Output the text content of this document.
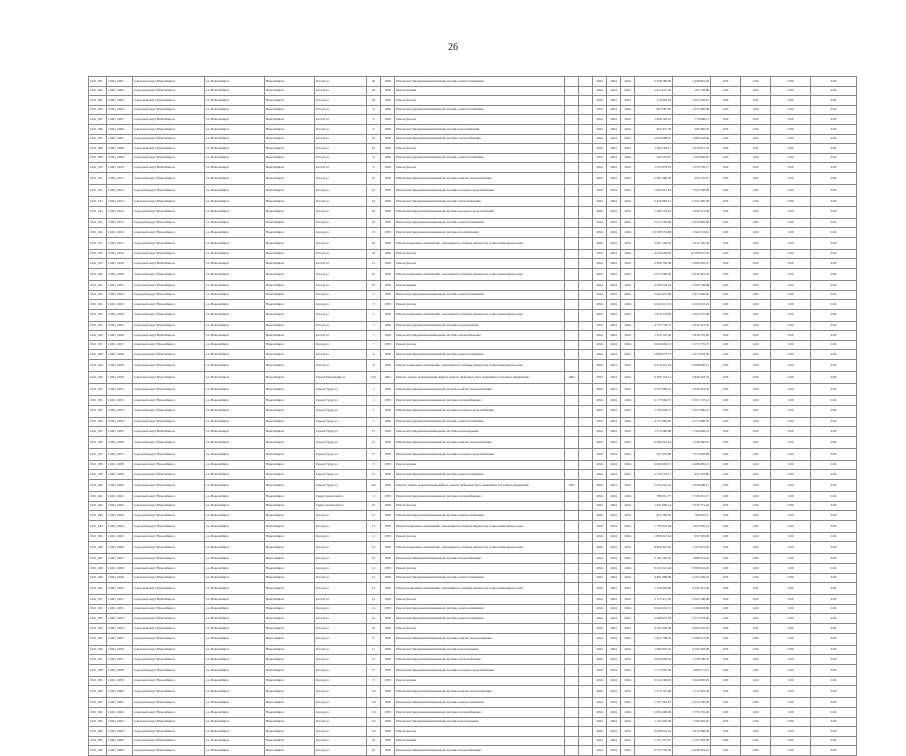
26
1021_001	11061_0001	городской округ Новосибирск	г.о. Новосибирск	Новосибирск	Гоголя ул	26	1958	Ремонт внутридомовой инженерной системы электроснабжения			2024	2024	2024	2 538 786,09	1 458 801,20	0,00	0,00	0,00	0,00
1021_002	11061_0002	городской округ Новосибирск	г.о. Новосибирск	Новосибирск	Гоголя ул	26	1958	Ремонт крыши			2024	2024	2024	1 617 637,26	105 756,96	0,00	0,00	0,00	0,00
1021_003	11061_0003	городской округ Новосибирск	г.о. Новосибирск	Новосибирск	Гоголя ул	26	1958	Ремонт фасада			2024	2024	2024	776 863,54	1 255 358,07	0,00	0,00	0,00	0,00
1021_004	11061_0004	городской округ Новосибирск	г.о. Новосибирск	Новосибирск	Гоголя ул	9	1958	Ремонт внутридомовой инженерной системы электроснабжения			2024	2024	2024	867 087,65	1 437 682,06	0,00	0,00	0,00	0,00
1021_005	11061_0005	городской округ Новосибирск	г.о. Новосибирск	Новосибирск	Гоголя ул	9	1958	Ремонт фасада			2024	2024	2024	1 608 105,61	776 968,11	0,00	0,00	0,00	0,00
1021_006	11061_0006	городской округ Новосибирск	г.о. Новосибирск	Новосибирск	Гоголя ул	9	1958	Ремонт внутридомовой инженерной системы водоснабжения			2024	2024	2024	603 472,79	582 087,35	0,00	0,00	0,00	0,00
1021_007	11061_0007	городской округ Новосибирск	г.о. Новосибирск	Новосибирск	Гоголя ул	10	1958	Ремонт внутридомовой инженерной системы теплоснабжения			2024	2024	2024	1 654 808,67	1 488 143,49	0,00	0,00	0,00	0,00
1021_008	11061_0008	городской округ Новосибирск	г.о. Новосибирск	Новосибирск	Гоголя ул	12	1958	Ремонт фасада			2024	2024	2024	1 594 783,11	1 433 871,74	0,00	0,00	0,00	0,00
1021_009	11061_0009	городской округ Новосибирск	г.о. Новосибирск	Новосибирск	Гоголя ул	9	1958	Ремонт внутридомовой инженерной системы электроснабжения			2024	2024	2024	563 576,67	1 166 069,67	0,00	0,00	0,00	0,00
1021_010	11061_0010	городской округ Новосибирск	г.о. Новосибирск	Новосибирск	Гоголя ул	9	1958	Ремонт фасада			2024	2024	2024	1 553 978,19	1 553 783,17	0,00	0,00	0,00	0,00
1021_011	11061_0011	городской округ Новосибирск	г.о. Новосибирск	Новосибирск	Гоголя ул	15	1958	Ремонт внутридомовой инженерной системы горячего водоснабжения			2024	2024	2024	2 085 580,35	345 276,67	0,00	0,00	0,00	0,00
1021_012	11061_0012	городской округ Новосибирск	г.о. Новосибирск	Новосибирск	Гоголя ул	15	1958	Ремонт внутридомовой инженерной системы холодного водоснабжения			2024	2024	2024	1 964 212,63	1 531 638,28	0,00	0,00	0,00	0,00
1021_013	11061_0013	городской округ Новосибирск	г.о. Новосибирск	Новосибирск	Гоголя ул	19	1958	Ремонт внутридомовой инженерной системы теплоснабжения			2024	2024	2024	2 426 965,51	2 503 285,58	0,00	0,00	0,00	0,00
1021_014	11061_0014	городской округ Новосибирск	г.о. Новосибирск	Новосибирск	Гоголя ул	19	1958	Ремонт внутридомовой инженерной системы холодного водоснабжения			2024	2024	2024	1 364 733,61	1 964 213,09	0,00	0,00	0,00	0,00
1021_015	11061_0015	городской округ Новосибирск	г.о. Новосибирск	Новосибирск	Гоголя ул	19	1958	Ремонт внутридомовой инженерной системы электроснабжения			2024	2024	2024	5 615 165,49	6 436 085,85	0,00	0,00	0,00	0,00
1021_016	11061_0016	городской округ Новосибирск	г.о. Новосибирск	Новосибирск	Гоголя ул	19	1958	Ремонт внутридомовой инженерной системы газоснабжения			2024	2024	2024	10 308 153,80	1 364 733,61	0,00	0,00	0,00	0,00
1021_017	11061_0017	городской округ Новосибирск	г.о. Новосибирск	Новосибирск	Гоголя ул	19	1958	Ремонт подвальных помещений, относящихся к общему имуществу в многоквартирном доме			2024	2024	2024	2 601 194,55	5 614 165,49	0,00	0,00	0,00	0,00
1021_018	11061_0018	городской округ Новосибирск	г.о. Новосибирск	Новосибирск	Гоголя ул	19	1958	Ремонт фасада			2024	2024	2024	4 226 629,65	10 308 257,07	0,00	0,00	0,00	0,00
1021_019	11061_0019	городской округ Новосибирск	г.о. Новосибирск	Новосибирск	Гоголя ул	21	1958	Ремонт фасада			2024	2024	2024	2 306 759,38	2 609 476,57	0,00	0,00	0,00	0,00
1021_020	11061_0020	городской округ Новосибирск	г.о. Новосибирск	Новосибирск	Гоголя ул	21	1958	Ремонт подвальных помещений, относящихся к общему имуществу в многоквартирном доме			2024	2024	2024	2 675 200,65	4 226 425,45	0,00	0,00	0,00	0,00
1021_021	11061_0021	городской округ Новосибирск	г.о. Новосибирск	Новосибирск	Гоголя ул	23	1958	Ремонт крыши			2024	2024	2024	4 599 218,29	2 306 758,08	0,00	0,00	0,00	0,00
1021_022	11061_0022	городской округ Новосибирск	г.о. Новосибирск	Новосибирск	Гоголя ул	5	1958	Ремонт внутридомовой инженерной системы электроснабжения			2024	2024	2024	2 624 475,99	2 473 200,65	0,00	0,00	0,00	0,00
1021_023	11061_0023	городской округ Новосибирск	г.о. Новосибирск	Новосибирск	Гоголя ул	5	1958	Ремонт фасада			2024	2024	2024	4 443 313,35	4 559 218,24	0,00	0,00	0,00	0,00
1021_024	11061_0024	городской округ Новосибирск	г.о. Новосибирск	Новосибирск	Гоголя ул	5	1958	Ремонт подвальных помещений, относящихся к общему имуществу в многоквартирном доме			2024	2024	2024	1 819 576,82	2 623 475,98	0,00	0,00	0,00	0,00
1021_025	11061_0025	городской округ Новосибирск	г.о. Новосибирск	Новосибирск	Гоголя ул	7	1958	Ремонт внутридомовой инженерной системы водоотведения			2024	2024	2024	4 775 776,75	4 943 313,36	0,00	0,00	0,00	0,00
1021_026	11061_0026	городской округ Новосибирск	г.о. Новосибирск	Новосибирск	Гоголя ул	7	1958	Ремонт внутридомовой инженерной системы теплоснабжения			2024	2024	2024	1 235 123,36	1 819 576,82	0,00	0,00	0,00	0,00
1021_027	11061_0027	городской округ Новосибирск	г.о. Новосибирск	Новосибирск	Гоголя ул	7	1958	Ремонт фасада			2024	2024	2024	6 606 650,13	3 175 776,75	0,00	0,00	0,00	0,00
1021_028	11061_0028	городской округ Новосибирск	г.о. Новосибирск	Новосибирск	Гоголя ул	9	1958	Ремонт внутридомовой инженерной системы электроснабжения			2024	2024	2024	2 899 075,73	2 275 823,36	0,00	0,00	0,00	0,00
1021_029	11061_0029	городской округ Новосибирск	г.о. Новосибирск	Новосибирск	Гоголя ул	9	1958	Ремонт подвальных помещений, относящихся к общему имуществу в многоквартирном доме			2024	2024	2024	2 419 414,34	6 098 850,13	0,00	0,00	0,00	0,00
1021_030	11061_0030	городской округ Новосибирск	г.о. Новосибирск	Новосибирск	Героев Революции ул	12/1	1962	Ремонт, замена, модернизация лифтов, ремонт лифтовых шахт, машинных и блочных помещений	1962		2024	2024	2024	6 300 123,12	2 849 434,33	0,00	0,00	0,00	0,00
1021_031	11061_0031	городской округ Новосибирск	г.о. Новосибирск	Новосибирск	Героев Труда ул	1	1958	Ремонт внутридомовой инженерной системы горячего водоснабжения			2024	2024	2024	3 357 899,41	2 629 414,34	0,00	0,00	0,00	0,00
1021_032	11061_0032	городской округ Новосибирск	г.о. Новосибирск	Новосибирск	Героев Труда ул	1	1958	Ремонт внутридомовой инженерной системы теплоснабжения			2024	2024	2024	4 177 966,75	6 307 137,12	0,00	0,00	0,00	0,00
1021_033	11061_0033	городской округ Новосибирск	г.о. Новосибирск	Новосибирск	Героев Труда ул	1	1958	Ремонт внутридомовой инженерной системы холодного водоснабжения			2024	2024	2024	1 766 649,72	3 357 800,41	0,00	0,00	0,00	0,00
1021_034	11061_0034	городской округ Новосибирск	г.о. Новосибирск	Новосибирск	Героев Труда ул	1	1958	Ремонт внутридомовой инженерной системы электроснабжения			2024	2024	2024	4 177 905,95	4 177 966,76	0,00	0,00	0,00	0,00
1021_035	11061_0035	городской округ Новосибирск	г.о. Новосибирск	Новосибирск	Героев Труда ул	17	1958	Ремонт внутридомовой инженерной системы водоотведения			2024	2024	2024	1 572 686,68	1 766 649,72	0,00	0,00	0,00	0,00
1021_036	11061_0036	городской округ Новосибирск	г.о. Новосибирск	Новосибирск	Героев Труда ул	17	1958	Ремонт внутридомовой инженерной системы горячего водоснабжения			2024	2024	2024	8 468 361,14	1 149 360,97	0,00	0,00	0,00	0,00
1021_037	11061_0037	городской округ Новосибирск	г.о. Новосибирск	Новосибирск	Героев Труда ул	17	1958	Ремонт внутридомовой инженерной системы холодного водоснабжения			2024	2024	2024	951 976,86	1 572 683,99	0,00	0,00	0,00	0,00
1021_038	11061_0038	городской округ Новосибирск	г.о. Новосибирск	Новосибирск	Героев Труда ул	17	1958	Ремонт крыши			2024	2024	2024	4 499 993,71	4 498 285,15	0,00	0,00	0,00	0,00
1021_039	11061_0039	городской округ Новосибирск	г.о. Новосибирск	Новосибирск	Героев Труда ул	17	1958	Ремонт внутридомовой инженерной системы электроснабжения			2024	2024	2024	5 730 155,17	951 976,86	0,00	0,00	0,00	0,00
1021_040	11061_0040	городской округ Новосибирск	г.о. Новосибирск	Новосибирск	Героев Труда ул	22а	1958	Ремонт, замена, модернизация лифтов, ремонт лифтовых шахт, машинных и блочных помещений	1957		2024	2024	2024	7 232 522,42	4 249 098,21	0,00	0,00	0,00	0,00
1021_041	11061_0041	городской округ Новосибирск	г.о. Новосибирск	Новосибирск	Гидростроителей ул	6	1958	Ремонт внутридомовой инженерной системы теплоснабжения			2024	2024	2024	788 031,77	5 768 251,17	0,00	0,00	0,00	0,00
1021_042	11061_0042	городской округ Новосибирск	г.о. Новосибирск	Новосибирск	Гидростроителей ул	10	1958	Ремонт фасада			2024	2024	2024	1 847 005,14	7 232 771,42	0,00	0,00	0,00	0,00
1021_043	11061_0043	городской округ Новосибирск	г.о. Новосибирск	Новосибирск	Гоголя ул	11	1958	Ремонт внутридомовой инженерной системы электроснабжения			2024	2024	2024	951 583,03	786 025,27	0,00	0,00	0,00	0,00
1021_044	11061_0044	городской округ Новосибирск	г.о. Новосибирск	Новосибирск	Гоголя ул	11	1958	Ремонт подвальных помещений, относящихся к общему имуществу в многоквартирном доме			2024	2024	2024	1 793 014,59	1 947 005,14	0,00	0,00	0,00	0,00
1021_045	11061_0045	городской округ Новосибирск	г.о. Новосибирск	Новосибирск	Гоголя ул	11	1958	Ремонт фасада			2024	2024	2024	1 898 223,62	951 583,08	0,00	0,00	0,00	0,00
1021_046	11061_0046	городской округ Новосибирск	г.о. Новосибирск	Новосибирск	Гоголя ул	12	1958	Ремонт подвальных помещений, относящихся к общему имуществу в многоквартирном доме			2024	2024	2024	8 869 310,65	1 793 014,29	0,00	0,00	0,00	0,00
1021_047	11061_0047	городской округ Новосибирск	г.о. Новосибирск	Новосибирск	Гоголя ул	12	1958	Ремонт внутридомовой инженерной системы теплоснабжения			2024	2024	2024	3 102 320,25	1 888 223,62	0,00	0,00	0,00	0,00
1021_048	11061_0048	городской округ Новосибирск	г.о. Новосибирск	Новосибирск	Гоголя ул	12	1958	Ремонт фасада			2024	2024	2024	8 102 321,46	8 389 310,65	0,00	0,00	0,00	0,00
1021_049	11061_0049	городской округ Новосибирск	г.о. Новосибирск	Новосибирск	Гоголя ул	14	1958	Ремонт внутридомовой инженерной системы электроснабжения			2024	2024	2024	4 891 998,69	3 102 320,25	0,00	0,00	0,00	0,00
1021_050	11061_0050	городской округ Новосибирск	г.о. Новосибирск	Новосибирск	Гоголя ул	14	1958	Ремонт подвальных помещений, относящихся к общему имуществу в многоквартирном доме			2024	2024	2024	1 109 018,86	8 102 321,46	0,00	0,00	0,00	0,00
1021_051	11061_0051	городской округ Новосибирск	г.о. Новосибирск	Новосибирск	Гоголя ул	14	1958	Ремонт фасада			2024	2024	2024	3 173 471,50	4 593 198,98	0,00	0,00	0,00	0,00
1021_052	11061_0052	городской округ Новосибирск	г.о. Новосибирск	Новосибирск	Гоголя ул	14	1958	Ремонт внутридомовой инженерной системы электроснабжения			2024	2024	2024	9 649 232,15	1 169 018,86	0,00	0,00	0,00	0,00
1021_053	11061_0053	городской округ Новосибирск	г.о. Новосибирск	Новосибирск	Гоголя ул	15	1958	Ремонт внутридомовой инженерной системы электроснабжения			2024	2024	2024	3 088 472,03	3 173 474,30	0,00	0,00	0,00	0,00
1021_054	11061_0054	городской округ Новосибирск	г.о. Новосибирск	Новосибирск	Гоголя ул	16	1958	Ремонт фасада			2024	2024	2024	6 192 403,38	9 460 232,16	0,00	0,00	0,00	0,00
1021_055	11061_0055	городской округ Новосибирск	г.о. Новосибирск	Новосибирск	Гоголя ул	17	1958	Ремонт внутридомовой инженерной системы горячего водоснабжения			2024	2024	2024	1 251 798,33	3 086 473,03	0,00	0,00	0,00	0,00
1021_056	11061_0056	городской округ Новосибирск	г.о. Новосибирск	Новосибирск	Гоголя ул	17	1958	Ремонт внутридомовой инженерной системы водоотведения			2024	2024	2024	1 684 970,16	6 192 403,38	0,00	0,00	0,00	0,00
1021_057	11061_0057	городской округ Новосибирск	г.о. Новосибирск	Новосибирск	Гоголя ул	17	1958	Ремонт внутридомовой инженерной системы теплоснабжения			2024	2024	2024	5 629 958,29	1 758 798,33	0,00	0,00	0,00	0,00
1021_058	11061_0058	городской округ Новосибирск	г.о. Новосибирск	Новосибирск	Гоголя ул	17	1958	Ремонт внутридомовой инженерной системы холодного водоснабжения			2024	2024	2024	1 713 416,56	1 680 571,15	0,00	0,00	0,00	0,00
1021_059	11061_0059	городской округ Новосибирск	г.о. Новосибирск	Новосибирск	Гоголя ул	17	1958	Ремонт крыши			2024	2024	2024	6 324 199,93	5 629 958,29	0,00	0,00	0,00	0,00
1021_060	11061_0060	городской округ Новосибирск	г.о. Новосибирск	Новосибирск	Гоголя ул	17а	1958	Ремонт внутридомовой инженерной системы горячего водоснабжения			2024	2024	2024	1 776 155,00	1 713 416,56	0,00	0,00	0,00	0,00
1021_061	11061_0061	городской округ Новосибирск	г.о. Новосибирск	Новосибирск	Гоголя ул	17а	1958	Ремонт внутридомовой инженерной системы электроснабжения			2024	2024	2024	1 703 322,67	6 324 109,93	0,00	0,00	0,00	0,00
1021_062	11061_0062	городской округ Новосибирск	г.о. Новосибирск	Новосибирск	Гоголя ул	17а	1958	Ремонт внутридомовой инженерной системы теплоснабжения			2024	2024	2024	5 874 468,06	1 776 155,00	0,00	0,00	0,00	0,00
1021_063	11061_0063	городской округ Новосибирск	г.о. Новосибирск	Новосибирск	Гоголя ул	17а	1958	Ремонт внутридомовой инженерной системы водоотведения			2024	2024	2024	1 167 903,39	1 709 322,67	0,00	0,00	0,00	0,00
1021_064	11061_0064	городской округ Новосибирск	г.о. Новосибирск	Новосибирск	Гоголя ул	17а	1958	Ремонт фасада			2024	2024	2024	6 938 919,16	5 874 468,06	0,00	0,00	0,00	0,00
1021_065	11061_0065	городской округ Новосибирск	г.о. Новосибирск	Новосибирск	Гоголя ул	19	1958	Ремонт крыши			2024	2024	2024	1 127 157,01	1 167 903,39	0,00	0,00	0,00	0,00
1021_066	11061_0066	городской округ Новосибирск	г.о. Новосибирск	Новосибирск	Гоголя ул	19	1958	Ремонт внутридомовой инженерной системы теплоснабжения			2024	2024	2024	6 752 563,56	6 938 919,16	0,00	0,00	0,00	0,00
